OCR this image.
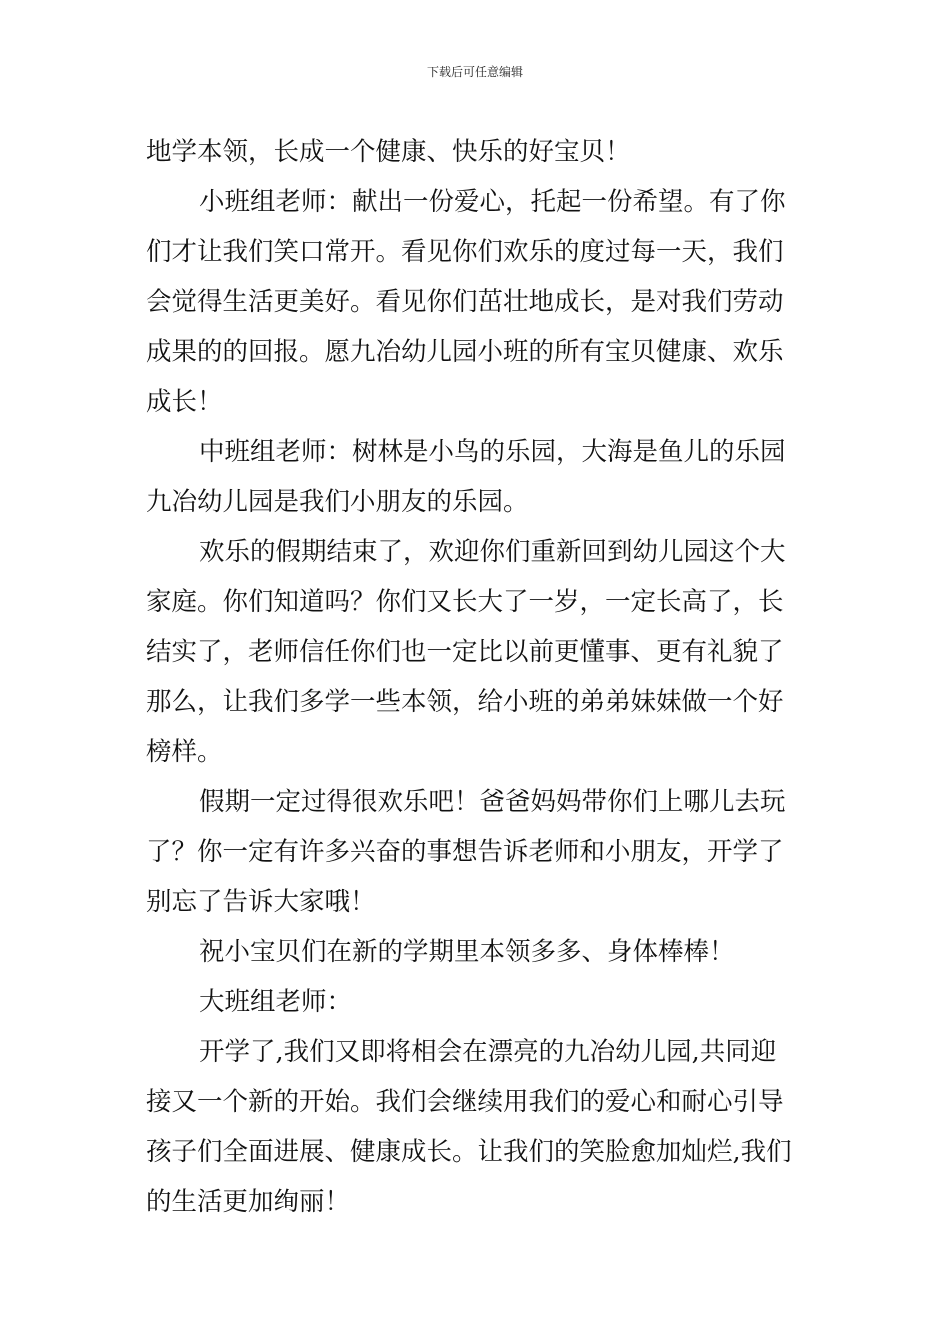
下载后可任意编辑
地学本领，长成一个健康、快乐的好宝贝！
小班组老师：献出一份爱心，托起一份希望。有了你
们才让我们笑口常开。看见你们欢乐的度过每一天，我们
会觉得生活更美好。看见你们茁壮地成长，是对我们劳动
成果的的回报。愿九冶幼儿园小班的所有宝贝健康、欢乐
成长！
中班组老师：树林是小鸟的乐园，大海是鱼儿的乐园
九冶幼儿园是我们小朋友的乐园。
欢乐的假期结束了，欢迎你们重新回到幼儿园这个大
家庭。你们知道吗？你们又长大了一岁，一定长高了，长
结实了，老师信任你们也一定比以前更懂事、更有礼貌了
那么，让我们多学一些本领，给小班的弟弟妹妹做一个好
榜样。
假期一定过得很欢乐吧！爸爸妈妈带你们上哪儿去玩
了？你一定有许多兴奋的事想告诉老师和小朋友，开学了
别忘了告诉大家哦！
祝小宝贝们在新的学期里本领多多、身体棒棒！
大班组老师：
开学了,我们又即将相会在漂亮的九冶幼儿园,共同迎
接又一个新的开始。我们会继续用我们的爱心和耐心引导
孩子们全面进展、健康成长。让我们的笑脸愈加灿烂,我们
的生活更加绚丽！
